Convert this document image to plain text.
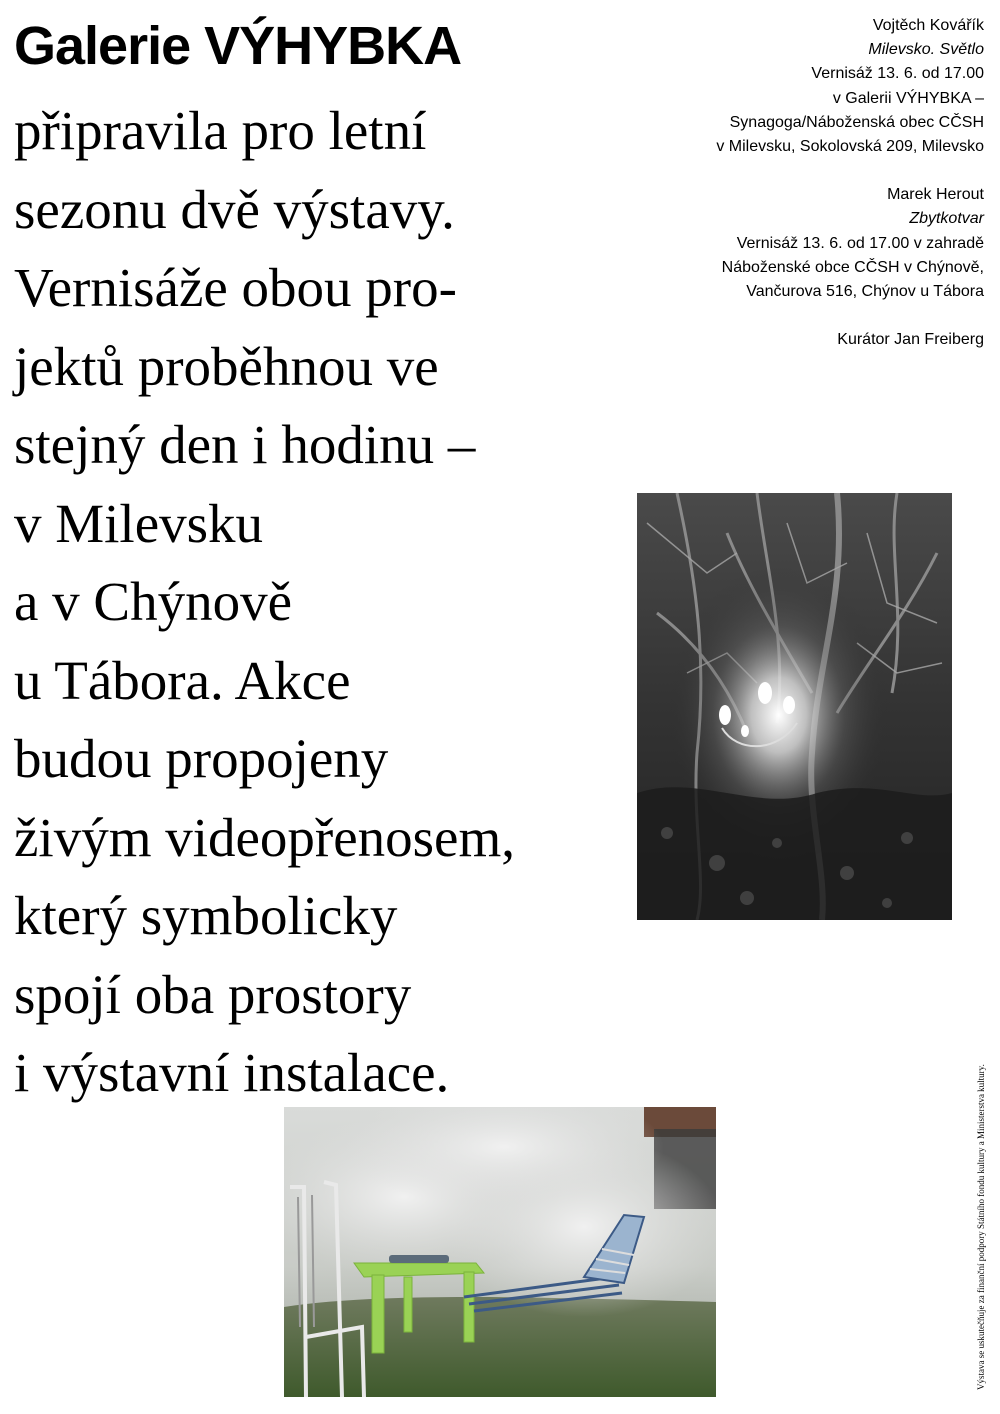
Galerie VÝHYBKA

připravila pro letní
sezonu dvě výstavy.
Vernisáže obou pro-
jektů proběhnou ve
stejný den i hodinu –
v Milevsku
a v Chýnově
u Tábora. Akce
budou propojeny
živým videopřenosem,
který symbolicky
spojí oba prostory
i výstavní instalace.

Vojtěch Kovářík
Milevsko. Světlo
Vernisáž 13. 6. od 17.00
v Galerii VÝHYBKA –
Synagoga/Náboženská obec CČSH
v Milevsku, Sokolovská 209, Milevsko
Marek Herout
Zbytkotvar
Vernisáž 13. 6. od 17.00 v zahradě
Náboženské obce CČSH v Chýnově,
Vančurova 516, Chýnov u Tábora
Kurátor Jan Freiberg
Výstava se uskutečňuje za finanční podpory Státního fondu kultury a Ministerstva kultury.
